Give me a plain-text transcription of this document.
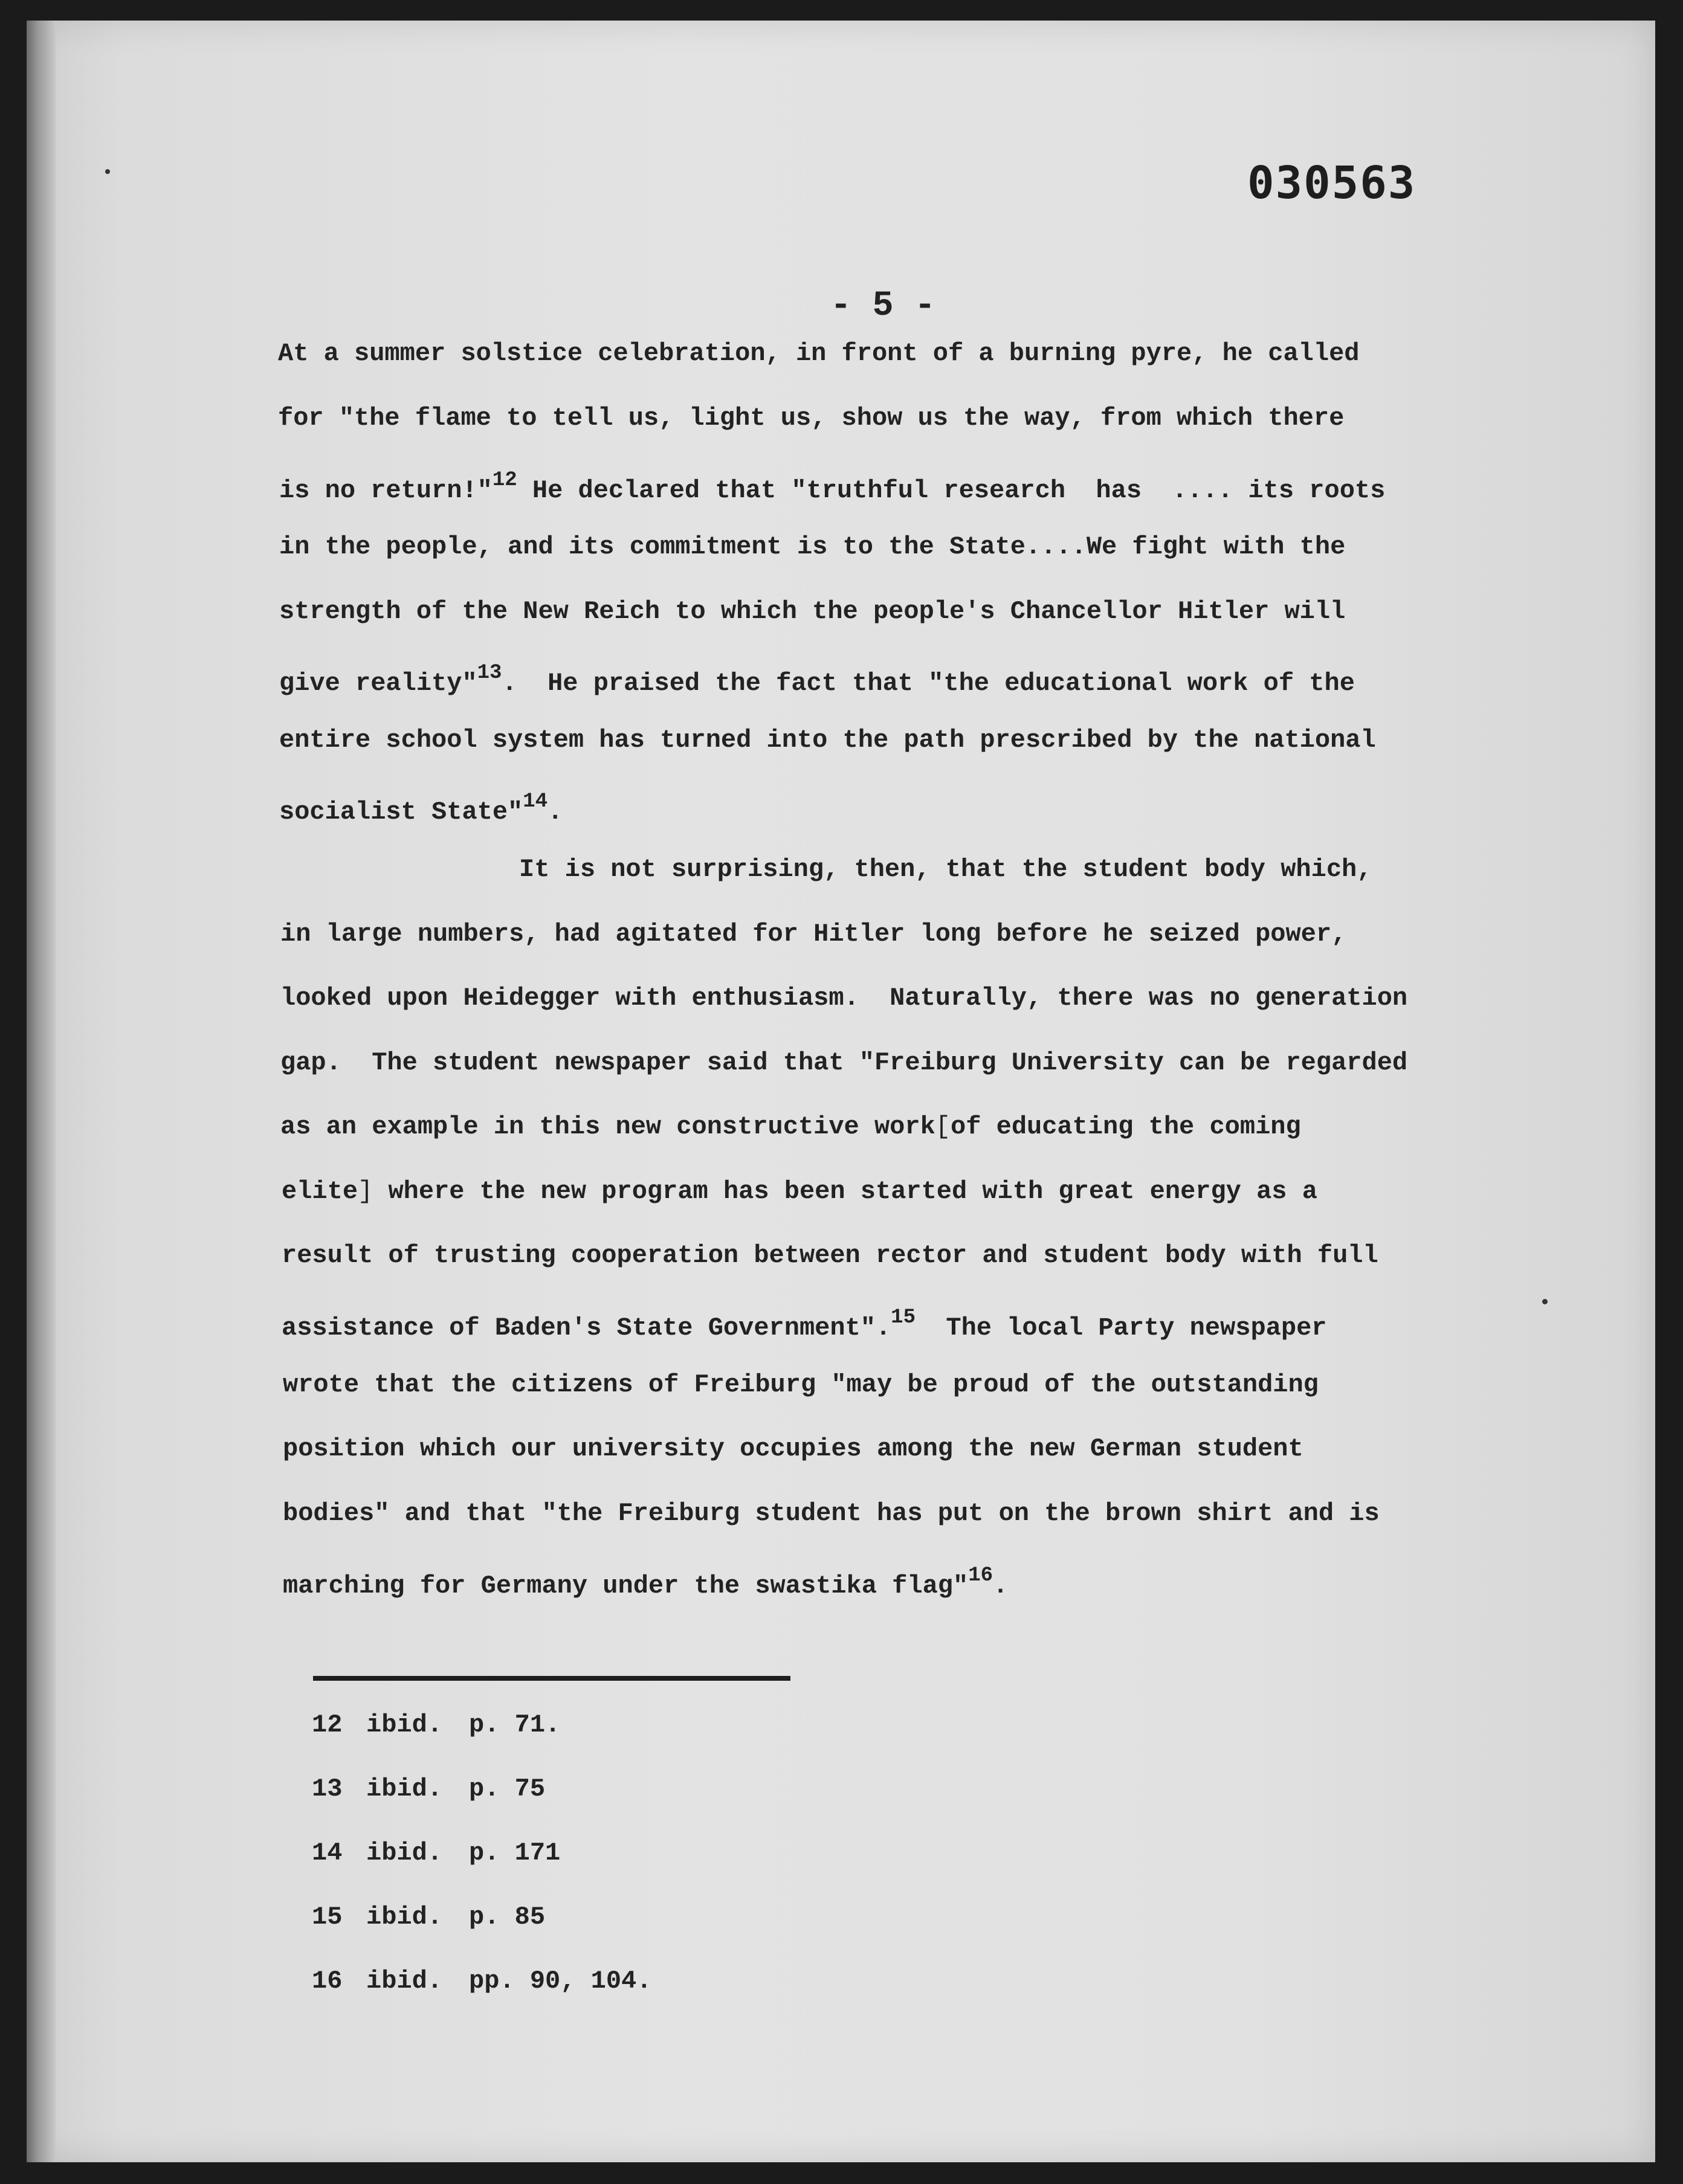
030563
- 5 -
At a summer solstice celebration, in front of a burning pyre, he called
for "the flame to tell us, light us, show us the way, from which there
is no return!"$^{12}$ He declared that "truthful research  has  .... its roots
in the people, and its commitment is to the State....We fight with the
strength of the New Reich to which the people's Chancellor Hitler will
give reality"$^{13}$.  He praised the fact that "the educational work of the
entire school system has turned into the path prescribed by the national
socialist State"$^{14}$.
It is not surprising, then, that the student body which,
in large numbers, had agitated for Hitler long before he seized power,
looked upon Heidegger with enthusiasm.  Naturally, there was no generation
gap.  The student newspaper said that "Freiburg University can be regarded
as an example in this new constructive work[of educating the coming
elite] where the new program has been started with great energy as a
result of trusting cooperation between rector and student body with full
assistance of Baden's State Government".$^{15}$  The local Party newspaper
wrote that the citizens of Freiburg "may be proud of the outstanding
position which our university occupies among the new German student
bodies" and that "the Freiburg student has put on the brown shirt and is
marching for Germany under the swastika flag"$^{16}$.
12 ibid. p. 71.
13 ibid. p. 75
14 ibid. p. 171
15 ibid. p. 85
16 ibid. pp. 90, 104.
